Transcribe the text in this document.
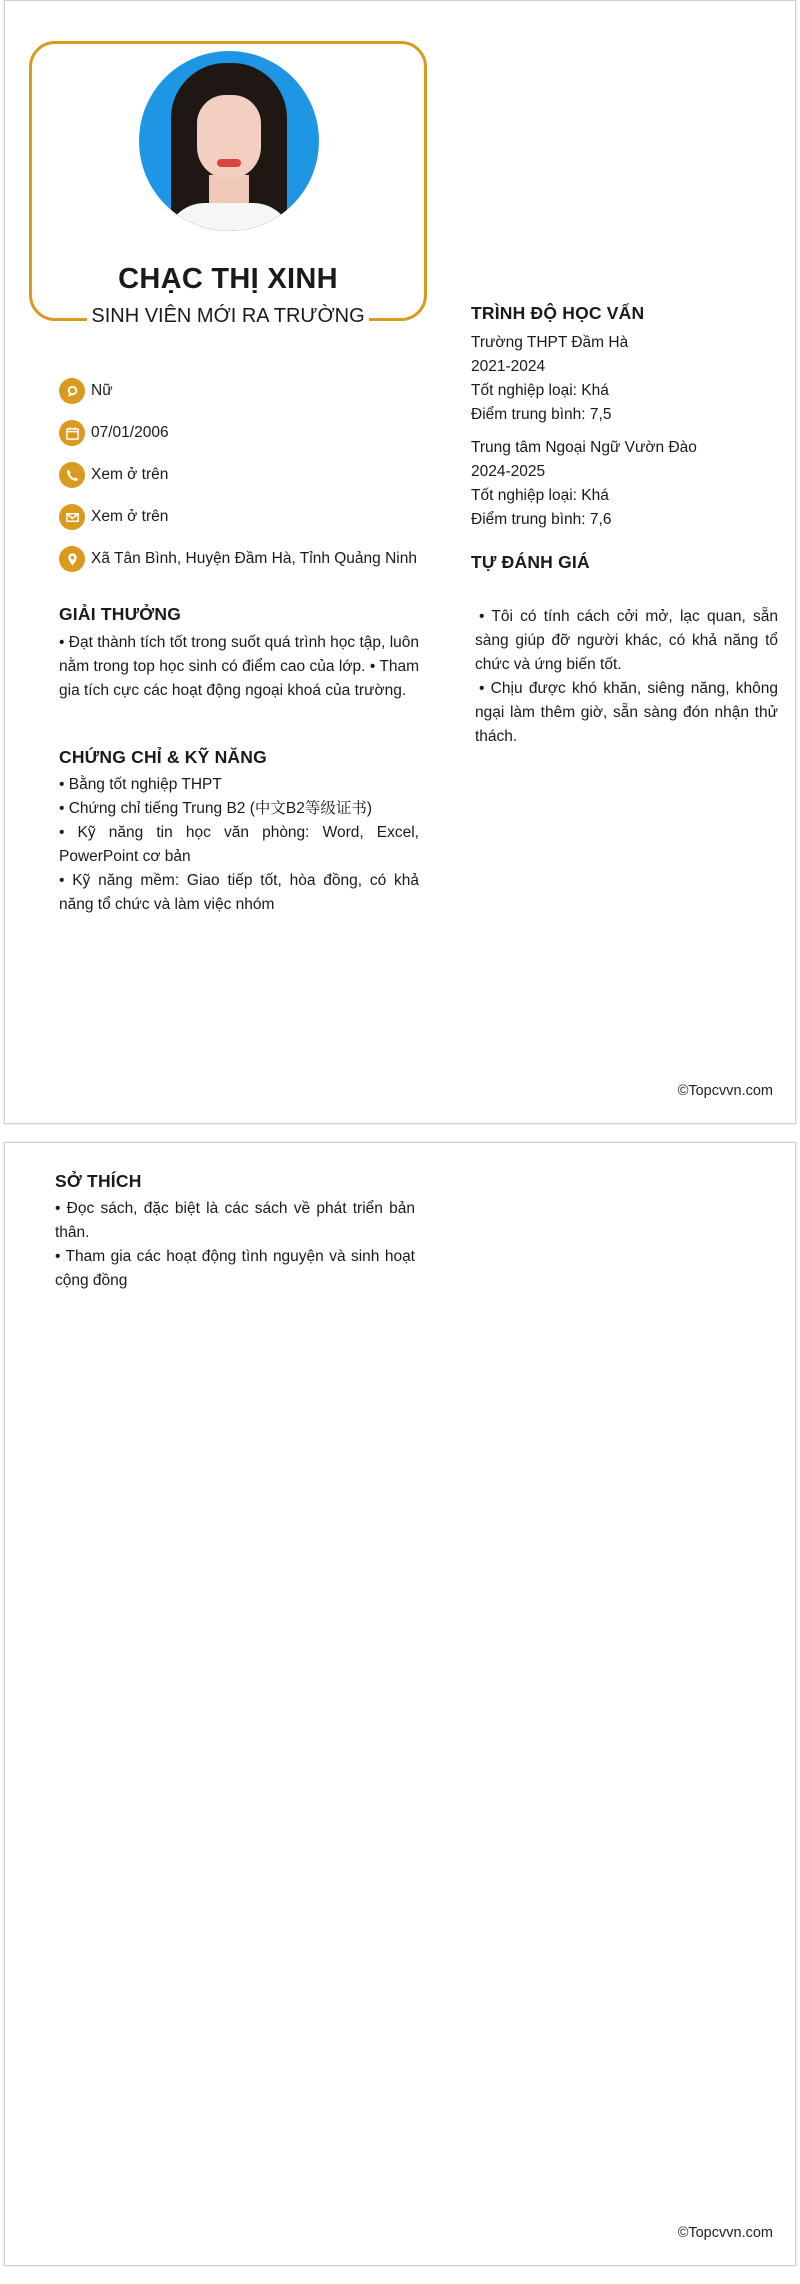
CHẠC THỊ XINH
SINH VIÊN MỚI RA TRƯỜNG
Nữ
07/01/2006
Xem ở trên
Xem ở trên
Xã Tân Bình, Huyện Đầm Hà, Tỉnh Quảng Ninh
GIẢI THƯỞNG
• Đạt thành tích tốt trong suốt quá trình học tập, luôn nằm trong top học sinh có điểm cao của lớp. • Tham gia tích cực các hoạt động ngoại khoá của trường.
CHỨNG CHỈ & KỸ NĂNG

• Bằng tốt nghiệp THPT

• Chứng chỉ tiếng Trung B2 (中文B2等级证书)

• Kỹ năng tin học văn phòng: Word, Excel, PowerPoint cơ bản

• Kỹ năng mềm: Giao tiếp tốt, hòa đồng, có khả năng tổ chức và làm việc nhóm

TRÌNH ĐỘ HỌC VẤN
Trường THPT Đầm Hà
2021-2024
Tốt nghiệp loại: Khá
Điểm trung bình: 7,5
Trung tâm Ngoại Ngữ Vườn Đào
2024-2025
Tốt nghiệp loại: Khá
Điểm trung bình: 7,6
TỰ ĐÁNH GIÁ

• Tôi có tính cách cởi mở, lạc quan, sẵn sàng giúp đỡ người khác, có khả năng tổ chức và ứng biến tốt.

• Chịu được khó khăn, siêng năng, không ngại làm thêm giờ, sẵn sàng đón nhận thử thách.

©Topcvvn.com
SỞ THÍCH

• Đọc sách, đặc biệt là các sách về phát triển bản thân.

• Tham gia các hoạt động tình nguyện và sinh hoạt cộng đồng

©Topcvvn.com
